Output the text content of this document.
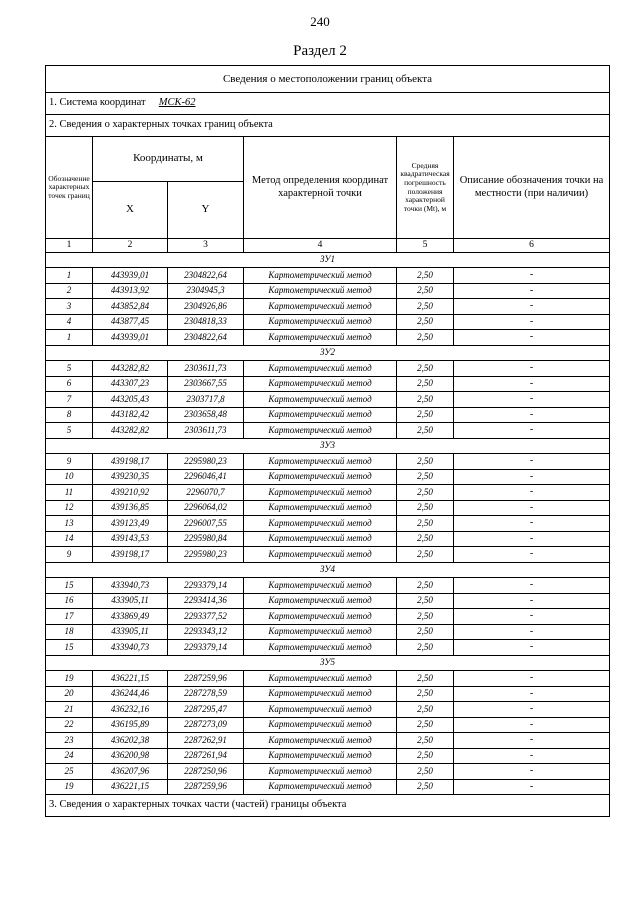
240
Раздел 2
Сведения о местоположении границ объекта					
1. Система координат МСК-62					
2. Сведения о характерных точках границ объекта					
Обозначение характерных точек границ	Координаты, м		Метод определения координат характерной точки	Средняя квадратическая погрешность положения характерной точки (Mt), м	Описание обозначения точки на местности (при наличии)
	X	Y			
1	2	3	4	5	6
ЗУ1					
1	443939,01	2304822,64	Картометрический метод	2,50	-
2	443913,92	2304945,3	Картометрический метод	2,50	-
3	443852,84	2304926,86	Картометрический метод	2,50	-
4	443877,45	2304818,33	Картометрический метод	2,50	-
1	443939,01	2304822,64	Картометрический метод	2,50	-
ЗУ2					
5	443282,82	2303611,73	Картометрический метод	2,50	-
6	443307,23	2303667,55	Картометрический метод	2,50	-
7	443205,43	2303717,8	Картометрический метод	2,50	-
8	443182,42	2303658,48	Картометрический метод	2,50	-
5	443282,82	2303611,73	Картометрический метод	2,50	-
ЗУ3					
9	439198,17	2295980,23	Картометрический метод	2,50	-
10	439230,35	2296046,41	Картометрический метод	2,50	-
11	439210,92	2296070,7	Картометрический метод	2,50	-
12	439136,85	2296064,02	Картометрический метод	2,50	-
13	439123,49	2296007,55	Картометрический метод	2,50	-
14	439143,53	2295980,84	Картометрический метод	2,50	-
9	439198,17	2295980,23	Картометрический метод	2,50	-
ЗУ4					
15	433940,73	2293379,14	Картометрический метод	2,50	-
16	433905,11	2293414,36	Картометрический метод	2,50	-
17	433869,49	2293377,52	Картометрический метод	2,50	-
18	433905,11	2293343,12	Картометрический метод	2,50	-
15	433940,73	2293379,14	Картометрический метод	2,50	-
ЗУ5					
19	436221,15	2287259,96	Картометрический метод	2,50	-
20	436244,46	2287278,59	Картометрический метод	2,50	-
21	436232,16	2287295,47	Картометрический метод	2,50	-
22	436195,89	2287273,09	Картометрический метод	2,50	-
23	436202,38	2287262,91	Картометрический метод	2,50	-
24	436200,98	2287261,94	Картометрический метод	2,50	-
25	436207,96	2287250,96	Картометрический метод	2,50	-
19	436221,15	2287259,96	Картометрический метод	2,50	-
3. Сведения о характерных точках части (частей) границы объекта					
